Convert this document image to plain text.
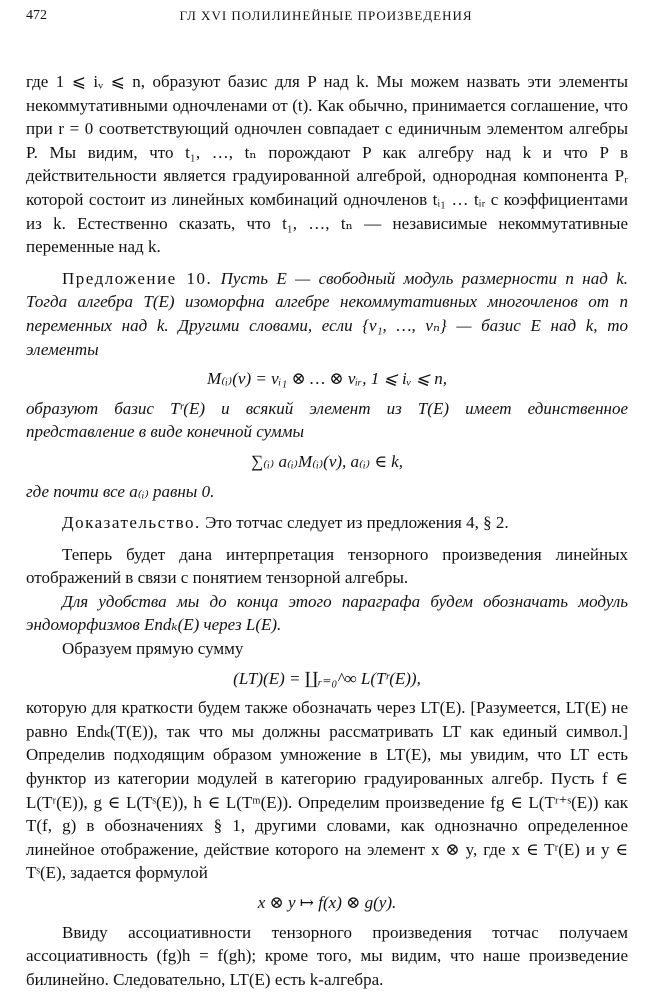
472	ГЛ XVI ПОЛИЛИНЕЙНЫЕ ПРОИЗВЕДЕНИЯ

где 1 ⩽ iᵥ ⩽ n, образуют базис для P над k. Мы можем назвать эти элементы некоммутативными одночленами от (t). Как обычно, принимается соглашение, что при r = 0 соответствующий одночлен совпадает с единичным элементом алгебры P. Мы видим, что t₁, …, tₙ порождают P как алгебру над k и что P в действительности является градуированной алгеброй, однородная компонента Pᵣ которой состоит из линейных комбинаций одночленов tᵢ₁ … tᵢᵣ с коэффициентами из k. Естественно сказать, что t₁, …, tₙ — независимые некоммутативные переменные над k.

Предложение 10. Пусть E — свободный модуль размерности n над k. Тогда алгебра T(E) изоморфна алгебре некоммутативных многочленов от n переменных над k. Другими словами, если {v₁, …, vₙ} — базис E над k, то элементы

M₍ᵢ₎(v) = vᵢ₁ ⊗ … ⊗ vᵢᵣ, 1 ⩽ iᵥ ⩽ n,

образуют базис Tʳ(E) и всякий элемент из T(E) имеет единственное представление в виде конечной суммы

∑₍ᵢ₎ a₍ᵢ₎M₍ᵢ₎(v), a₍ᵢ₎ ∈ k,

где почти все a₍ᵢ₎ равны 0.

Доказательство. Это тотчас следует из предложения 4, § 2.

Теперь будет дана интерпретация тензорного произведения линейных отображений в связи с понятием тензорной алгебры.

Для удобства мы до конца этого параграфа будем обозначать модуль эндоморфизмов Endₖ(E) через L(E).

Образуем прямую сумму

(LT)(E) = ∐ᵣ₌₀^∞ L(Tʳ(E)),

которую для краткости будем также обозначать через LT(E). [Разумеется, LT(E) не равно Endₖ(T(E)), так что мы должны рассматривать LT как единый символ.] Определив подходящим образом умножение в LT(E), мы увидим, что LT есть функтор из категории модулей в категорию градуированных алгебр. Пусть f ∈ L(Tʳ(E)), g ∈ L(Tˢ(E)), h ∈ L(Tᵐ(E)). Определим произведение fg ∈ L(Tʳ⁺ˢ(E)) как T(f, g) в обозначениях § 1, другими словами, как однозначно определенное линейное отображение, действие которого на элемент x ⊗ y, где x ∈ Tʳ(E) и y ∈ Tˢ(E), задается формулой

x ⊗ y ↦ f(x) ⊗ g(y).

Ввиду ассоциативности тензорного произведения тотчас получаем ассоциативность (fg)h = f(gh); кроме того, мы видим, что наше произведение билинейно. Следовательно, LT(E) есть k-алгебра.
